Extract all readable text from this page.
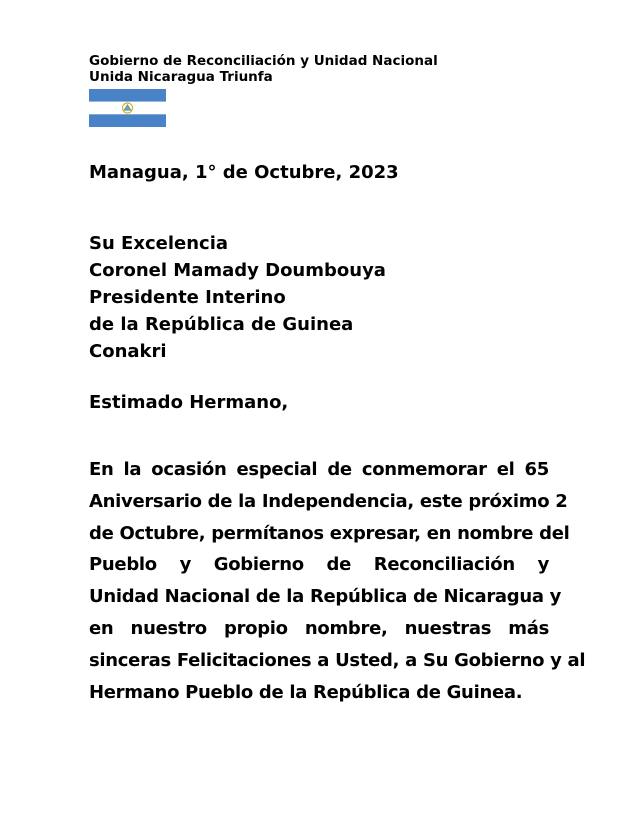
Gobierno de Reconciliación y Unidad Nacional
Unida Nicaragua Triunfa
Managua, 1° de Octubre, 2023
Su Excelencia
Coronel Mamady Doumbouya
Presidente Interino
de la República de Guinea
Conakri
Estimado Hermano,
En la ocasión especial de conmemorar el 65
Aniversario de la Independencia, este próximo 2
de Octubre, permítanos expresar, en nombre del
Pueblo y Gobierno de Reconciliación y
Unidad Nacional de la República de Nicaragua y
en nuestro propio nombre, nuestras más
sinceras Felicitaciones a Usted, a Su Gobierno y al
Hermano Pueblo de la República de Guinea.
